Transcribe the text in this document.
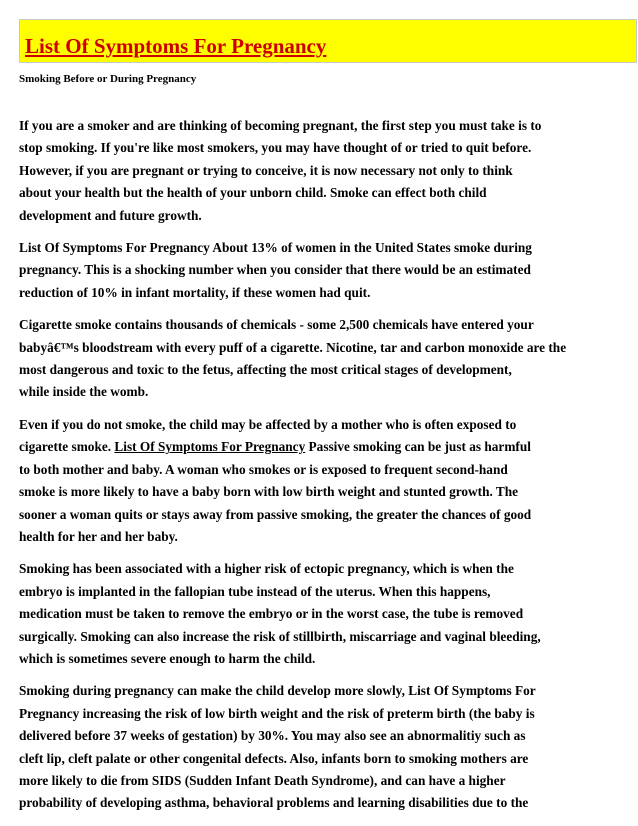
List Of Symptoms For Pregnancy
Smoking Before or During Pregnancy

If you are a smoker and are thinking of becoming pregnant, the first step you must take is to
stop smoking. If you're like most smokers, you may have thought of or tried to quit before.
However, if you are pregnant or trying to conceive, it is now necessary not only to think
about your health but the health of your unborn child. Smoke can effect both child
development and future growth.

List Of Symptoms For Pregnancy About 13% of women in the United States smoke during
pregnancy. This is a shocking number when you consider that there would be an estimated
reduction of 10% in infant mortality, if these women had quit.

Cigarette smoke contains thousands of chemicals - some 2,500 chemicals have entered your
babyâ€™s bloodstream with every puff of a cigarette. Nicotine, tar and carbon monoxide are the
most dangerous and toxic to the fetus, affecting the most critical stages of development,
while inside the womb.

Even if you do not smoke, the child may be affected by a mother who is often exposed to
cigarette smoke. List Of Symptoms For Pregnancy Passive smoking can be just as harmful
to both mother and baby. A woman who smokes or is exposed to frequent second-hand
smoke is more likely to have a baby born with low birth weight and stunted growth. The
sooner a woman quits or stays away from passive smoking, the greater the chances of good
health for her and her baby.

Smoking has been associated with a higher risk of ectopic pregnancy, which is when the
embryo is implanted in the fallopian tube instead of the uterus. When this happens,
medication must be taken to remove the embryo or in the worst case, the tube is removed
surgically. Smoking can also increase the risk of stillbirth, miscarriage and vaginal bleeding,
which is sometimes severe enough to harm the child.

Smoking during pregnancy can make the child develop more slowly, List Of Symptoms For
Pregnancy increasing the risk of low birth weight and the risk of preterm birth (the baby is
delivered before 37 weeks of gestation) by 30%. You may also see an abnormalitiy such as
cleft lip, cleft palate or other congenital defects. Also, infants born to smoking mothers are
more likely to die from SIDS (Sudden Infant Death Syndrome), and can have a higher
probability of developing asthma, behavioral problems and learning disabilities due to the
